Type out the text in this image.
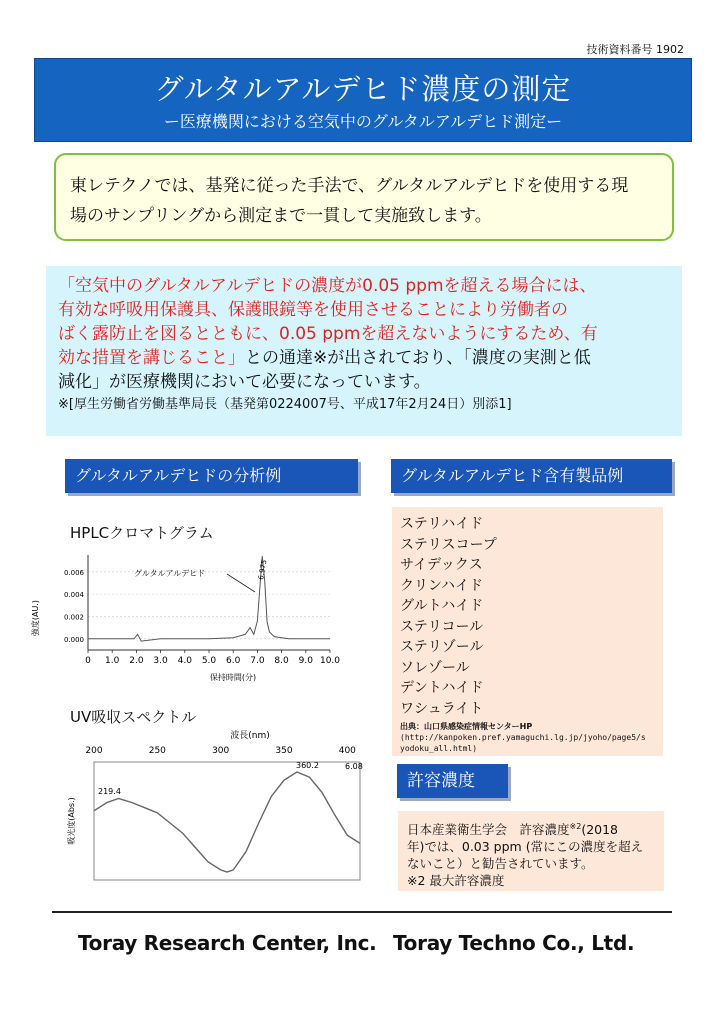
技術資料番号 1902
グルタルアルデヒド濃度の測定
ー医療機関における空気中のグルタルアルデヒド測定ー
東レテクノでは、基発に従った手法で、グルタルアルデヒドを使用する現
場のサンプリングから測定まで一貫して実施致します。
「空気中のグルタルアルデヒドの濃度が0.05 ppmを超える場合には、
有効な呼吸用保護具、保護眼鏡等を使用させることにより労働者の
ばく露防止を図るとともに、0.05 ppmを超えないようにするため、有
効な措置を講じること」との通達※が出されており、「濃度の実測と低
減化」が医療機関において必要になっています。
※[厚生労働省労働基準局長（基発第0224007号、平成17年2月24日）別添1]
グルタルアルデヒドの分析例	グルタルアルデヒド含有製品例
HPLCクロマトグラム
0 1.0 2.0 3.0 4.0 5.0 6.0 7.0 8.0 9.0 10.0
0.000
0.002
0.004
0.006
強度(AU.)
保持時間(分)
グルタルアルデヒド	6.975
UV吸収スペクトル
波長(nm)
200	250	300	350	400
吸光度(Abs.)
219.4
360.2	6.08
ステリハイド
ステリスコープ
サイデックス
クリンハイド
グルトハイド
ステリコール
ステリゾール
ソレゾール
デントハイド
ワシュライト
出典：山口県感染症情報センターHP
(http://kanpoken.pref.yamaguchi.lg.jp/jyoho/page5/s
yodoku_all.html)
許容濃度
日本産業衛生学会　許容濃度$^{※2}$(2018
年)では、0.03 ppm (常にこの濃度を超え
ないこと）と勧告されています。
※2 最大許容濃度
Toray Research Center, Inc. Toray Techno Co., Ltd.
